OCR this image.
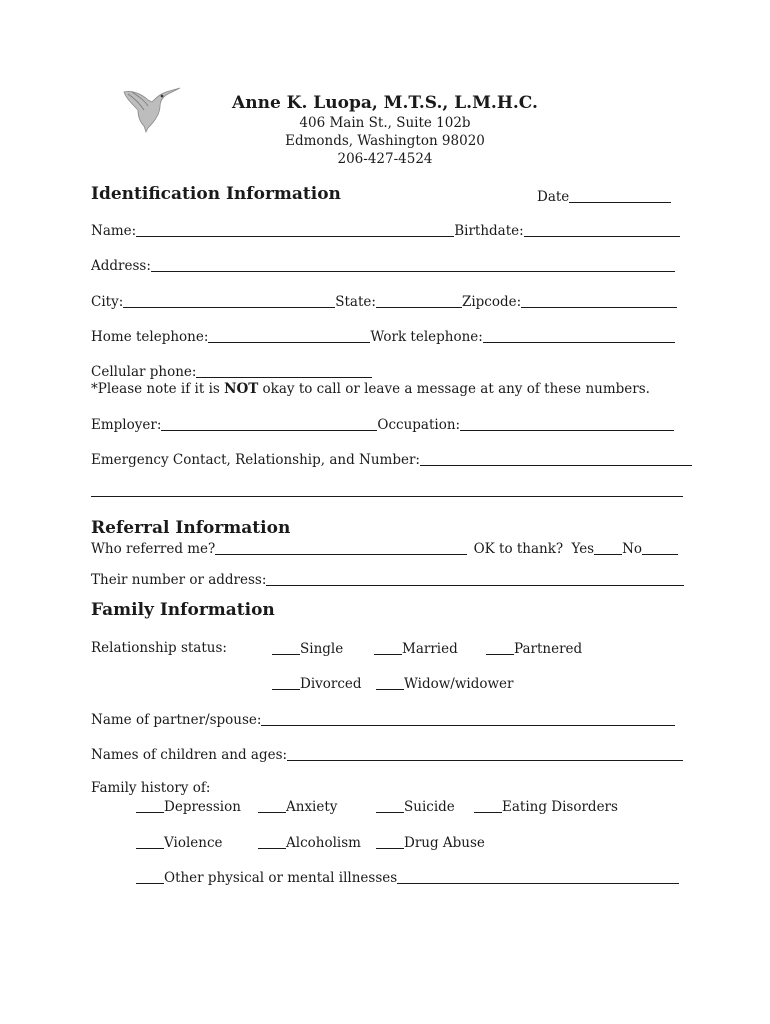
Anne K. Luopa, M.T.S., L.M.H.C.
406 Main St., Suite 102b
Edmonds, Washington 98020
206-427-4524
Identification Information	Date
Name:	Birthdate:
Address:
City:	State:	Zipcode:
Home telephone:	Work telephone:
Cellular phone:
*Please note if it is NOT okay to call or leave a message at any of these numbers.
Employer:	Occupation:
Emergency Contact, Relationship, and Number:
Referral Information
Who referred me?	OK to thank? Yes No
Their number or address:
Family Information
Relationship status:	Single	Married	Partnered
Divorced	Widow/widower
Name of partner/spouse:
Names of children and ages:
Family history of:
Depression	Anxiety	Suicide	Eating Disorders
Violence	Alcoholism	Drug Abuse
Other physical or mental illnesses
